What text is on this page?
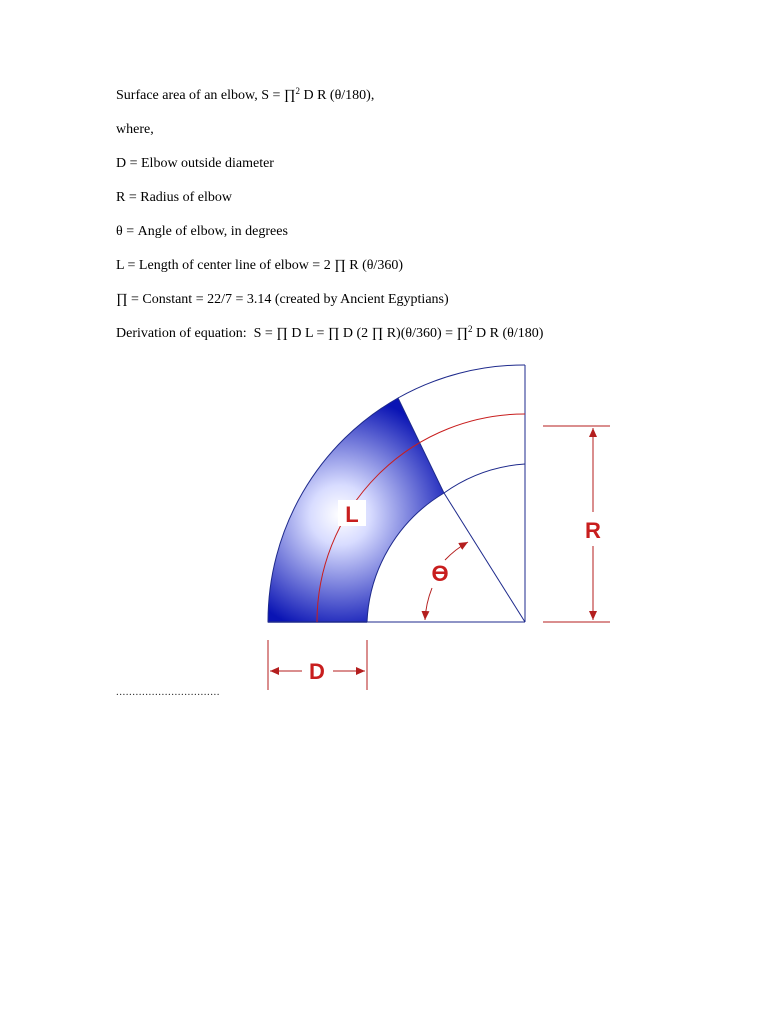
Surface area of an elbow, S = ∏$^2$ D R (θ/180),
where,
D = Elbow outside diameter
R = Radius of elbow
θ = Angle of elbow, in degrees
L = Length of center line of elbow = 2 ∏ R (θ/360)
∏ = Constant = 22/7 = 3.14 (created by Ancient Egyptians)
Derivation of equation:  S = ∏ D L = ∏ D (2 ∏ R)(θ/360) = ∏$^2$ D R (θ/180)
L
Ө
R
D
................................
